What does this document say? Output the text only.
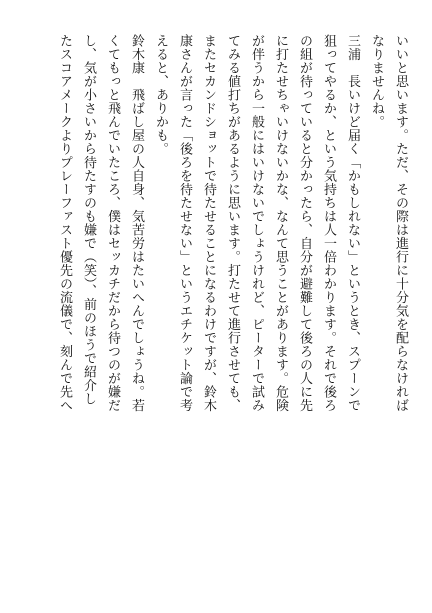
いいと思います。ただ、その際は進行に十分気を配らなければ
なりませんね。
三浦　長いけど届く「かもしれない」というとき、スプーンで
狙ってやるか、という気持ちは人一倍わかります。それで後ろ
の組が待っていると分かったら、自分が避難して後ろの人に先
に打たせちゃいけないかな、なんて思うことがあります。危険
が伴うから一般にはいけないでしょうけれど、ピーターで試み
てみる値打ちがあるように思います。打たせて進行させても、
またセカンドショットで待たせることになるわけですが、鈴木
康さんが言った「後ろを待たせない」というエチケット論で考
えると、ありかも。
鈴木康　飛ばし屋の人自身、気苦労はたいへんでしょうね。若
くてもっと飛んでいたころ、僕はセッカチだから待つのが嫌だ
し、気が小さいから待たすのも嫌で（笑）、前のほうで紹介し
たスコアメークよりプレーファスト優先の流儀で、刻んで先へ
